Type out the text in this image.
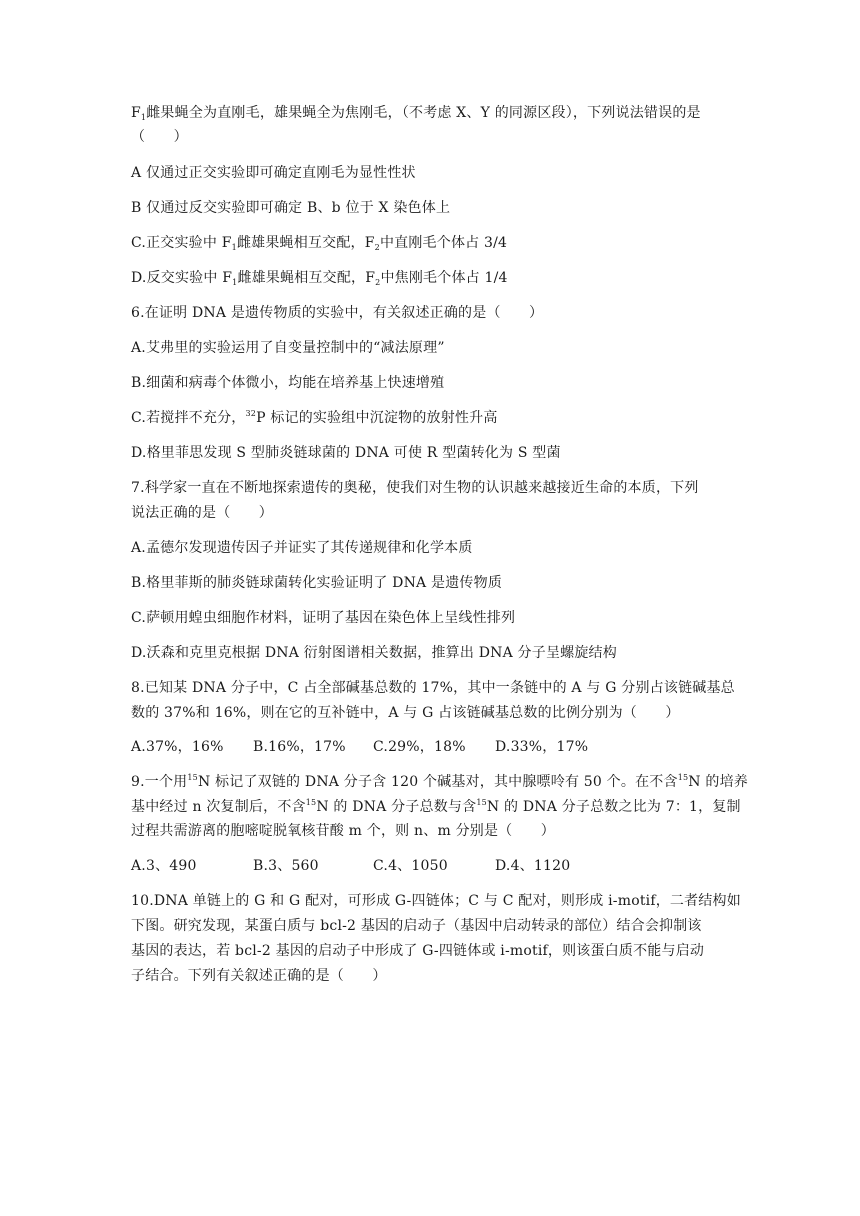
$F_1$雌果蝇全为直刚毛，雄果蝇全为焦刚毛，（不考虑 X、Y 的同源区段），下列说法错误的是
（　　）
A 仅通过正交实验即可确定直刚毛为显性性状
B 仅通过反交实验即可确定 B、b 位于 X 染色体上
C.正交实验中 $F_1$雌雄果蝇相互交配，$F_2$中直刚毛个体占 3/4
D.反交实验中 $F_1$雌雄果蝇相互交配，$F_2$中焦刚毛个体占 1/4
6.在证明 DNA 是遗传物质的实验中，有关叙述正确的是（　　）
A.艾弗里的实验运用了自变量控制中的“减法原理”
B.细菌和病毒个体微小，均能在培养基上快速增殖
C.若搅拌不充分，$^{32}$P 标记的实验组中沉淀物的放射性升高
D.格里菲思发现 S 型肺炎链球菌的 DNA 可使 R 型菌转化为 S 型菌
7.科学家一直在不断地探索遗传的奥秘，使我们对生物的认识越来越接近生命的本质，下列
说法正确的是（　　）
A.孟德尔发现遗传因子并证实了其传递规律和化学本质
B.格里菲斯的肺炎链球菌转化实验证明了 DNA 是遗传物质
C.萨顿用蝗虫细胞作材料，证明了基因在染色体上呈线性排列
D.沃森和克里克根据 DNA 衍射图谱相关数据，推算出 DNA 分子呈螺旋结构
8.已知某 DNA 分子中，C 占全部碱基总数的 17%，其中一条链中的 A 与 G 分别占该链碱基总
数的 37%和 16%，则在它的互补链中，A 与 G 占该链碱基总数的比例分别为（　　）
A.37%，16% B.16%，17% C.29%，18% D.33%，17%
9.一个用$^{15}$N 标记了双链的 DNA 分子含 120 个碱基对，其中腺嘌呤有 50 个。在不含$^{15}$N 的培养
基中经过 n 次复制后，不含$^{15}$N 的 DNA 分子总数与含$^{15}$N 的 DNA 分子总数之比为 7：1，复制
过程共需游离的胞嘧啶脱氧核苷酸 m 个，则 n、m 分别是（　　）
A.3、490	B.3、560	C.4、1050	D.4、1120
10.DNA 单链上的 G 和 G 配对，可形成 G-四链体；C 与 C 配对，则形成 i-motif，二者结构如
下图。研究发现，某蛋白质与 bcl-2 基因的启动子（基因中启动转录的部位）结合会抑制该
基因的表达，若 bcl-2 基因的启动子中形成了 G-四链体或 i-motif，则该蛋白质不能与启动
子结合。下列有关叙述正确的是（　　）
